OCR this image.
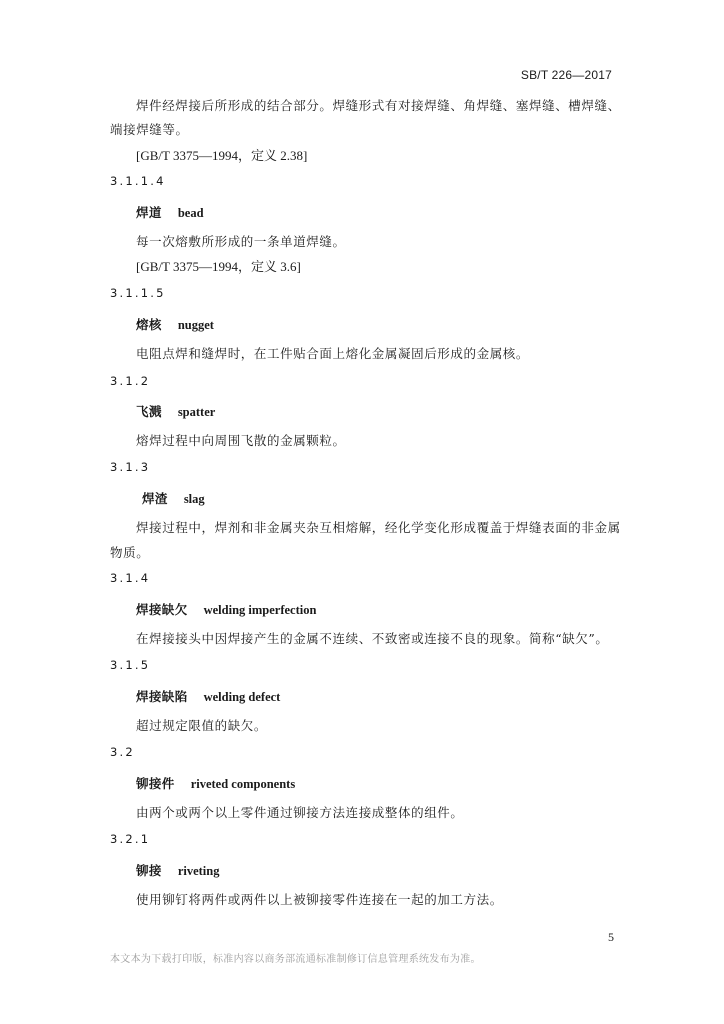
SB/T 226—2017
焊件经焊接后所形成的结合部分。焊缝形式有对接焊缝、角焊缝、塞焊缝、槽焊缝、
端接焊缝等。
[GB/T 3375—1994，定义 2.38]
3.1.1.4
焊道 bead
每一次熔敷所形成的一条单道焊缝。
[GB/T 3375—1994，定义 3.6]
3.1.1.5
熔核 nugget
电阻点焊和缝焊时，在工件贴合面上熔化金属凝固后形成的金属核。
3.1.2
飞溅 spatter
熔焊过程中向周围飞散的金属颗粒。
3.1.3
焊渣 slag
焊接过程中，焊剂和非金属夹杂互相熔解，经化学变化形成覆盖于焊缝表面的非金属
物质。
3.1.4
焊接缺欠 welding imperfection
在焊接接头中因焊接产生的金属不连续、不致密或连接不良的现象。简称“缺欠”。
3.1.5
焊接缺陷 welding defect
超过规定限值的缺欠。
3.2
铆接件 riveted components
由两个或两个以上零件通过铆接方法连接成整体的组件。
3.2.1
铆接 riveting
使用铆钉将两件或两件以上被铆接零件连接在一起的加工方法。
5
本文本为下载打印版，标准内容以商务部流通标准制修订信息管理系统发布为准。
